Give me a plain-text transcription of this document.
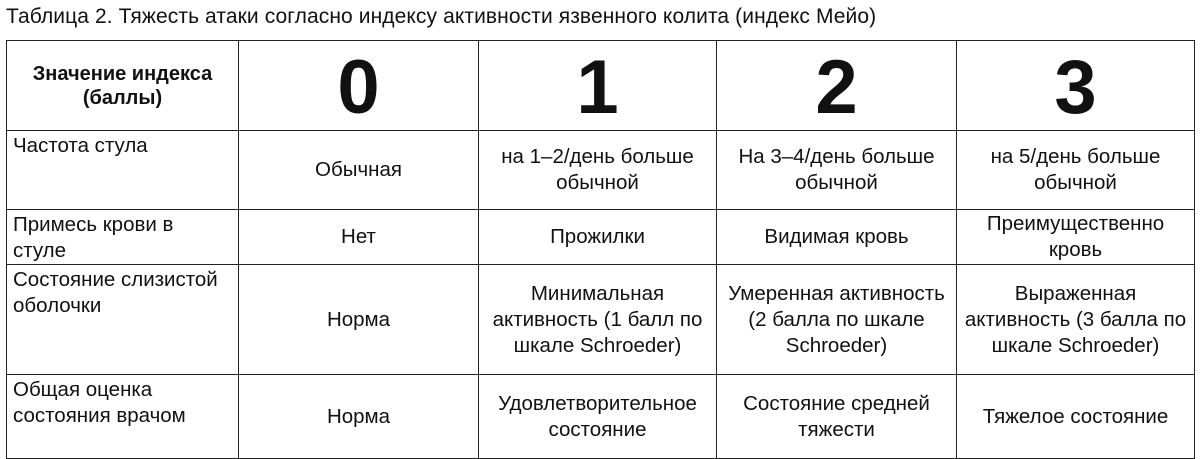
Таблица 2. Тяжесть атаки согласно индексу активности язвенного колита (индекс Мейо)
Значение индекса (баллы)	0	1	2	3
Частота стула	Обычная	на 1–2/день больше обычной	На 3–4/день больше обычной	на 5/день больше обычной
Примесь крови в стуле	Нет	Прожилки	Видимая кровь	Преимущественно кровь
Состояние слизистой оболочки	Норма	Минимальная активность (1 балл по шкале Schroeder)	Умеренная активность (2 балла по шкале Schroeder)	Выраженная активность (3 балла по шкале Schroeder)
Общая оценка состояния врачом	Норма	Удовлетворительное состояние	Состояние средней тяжести	Тяжелое состояние
